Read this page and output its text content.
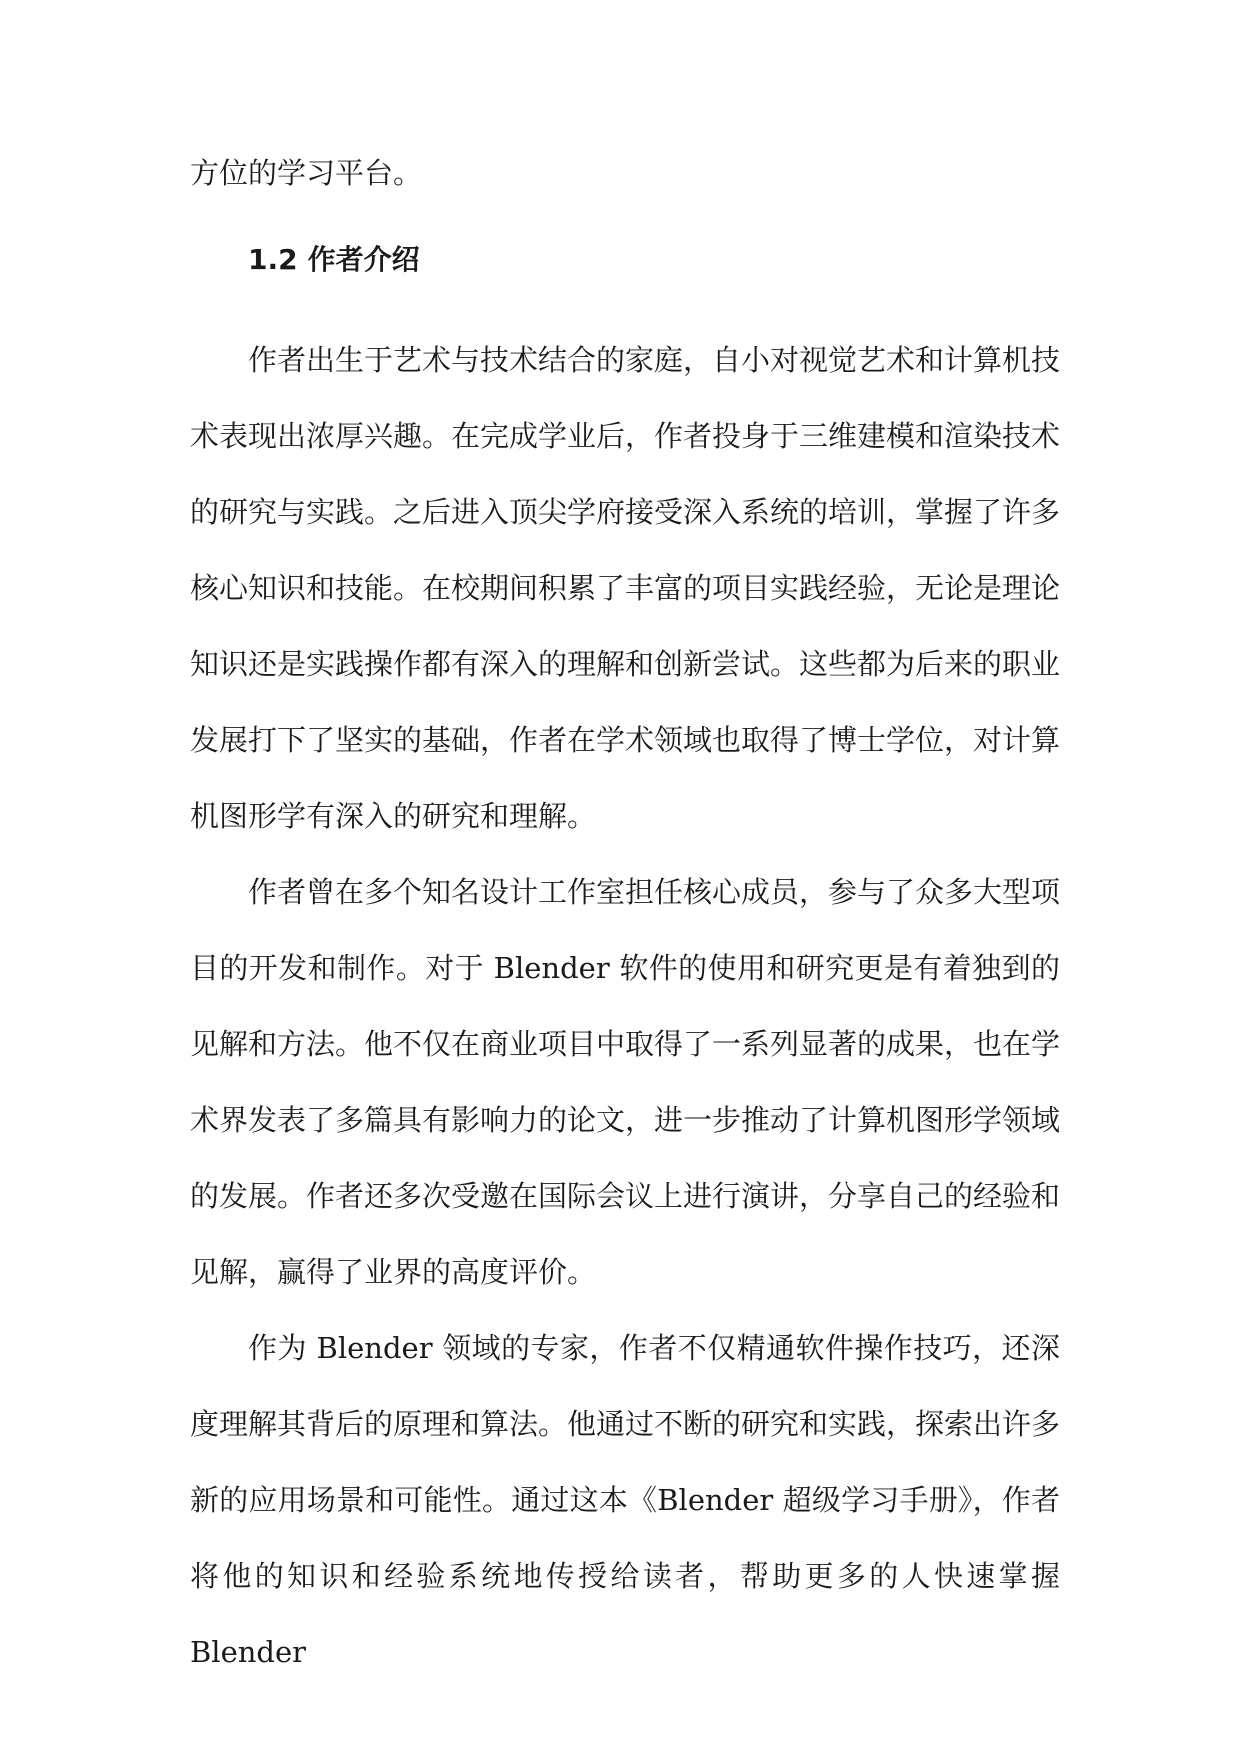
方位的学习平台。
1.2 作者介绍
作者出生于艺术与技术结合的家庭，自小对视觉艺术和计算机技术表现出浓厚兴趣。在完成学业后，作者投身于三维建模和渲染技术的研究与实践。之后进入顶尖学府接受深入系统的培训，掌握了许多核心知识和技能。在校期间积累了丰富的项目实践经验，无论是理论知识还是实践操作都有深入的理解和创新尝试。这些都为后来的职业发展打下了坚实的基础，作者在学术领域也取得了博士学位，对计算机图形学有深入的研究和理解。
作者曾在多个知名设计工作室担任核心成员，参与了众多大型项目的开发和制作。对于 Blender 软件的使用和研究更是有着独到的见解和方法。他不仅在商业项目中取得了一系列显著的成果，也在学术界发表了多篇具有影响力的论文，进一步推动了计算机图形学领域的发展。作者还多次受邀在国际会议上进行演讲，分享自己的经验和见解，赢得了业界的高度评价。
作为 Blender 领域的专家，作者不仅精通软件操作技巧，还深度理解其背后的原理和算法。他通过不断的研究和实践，探索出许多新的应用场景和可能性。通过这本《Blender 超级学习手册》，作者将他的知识和经验系统地传授给读者，帮助更多的人快速掌握 Blender
